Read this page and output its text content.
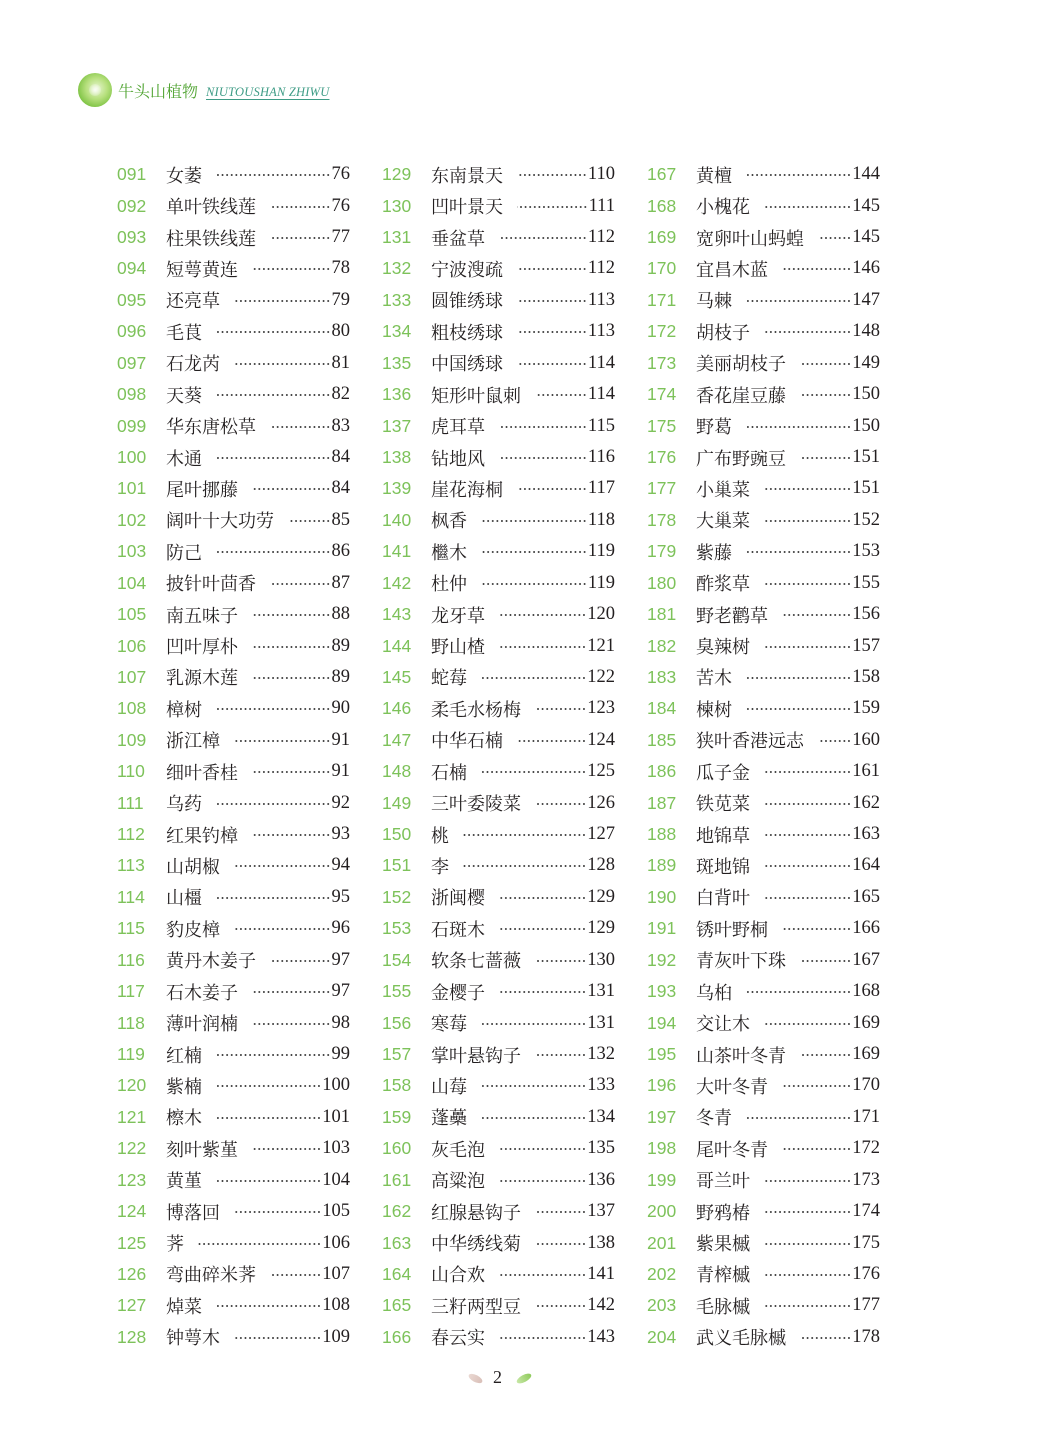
牛头山植物 NIUTOUSHAN ZHIWU
091	女萎	76
092	单叶铁线莲	76
093	柱果铁线莲	77
094	短萼黄连	78
095	还亮草	79
096	毛茛	80
097	石龙芮	81
098	天葵	82
099	华东唐松草	83
100	木通	84
101	尾叶挪藤	84
102	阔叶十大功劳	85
103	防己	86
104	披针叶茴香	87
105	南五味子	88
106	凹叶厚朴	89
107	乳源木莲	89
108	樟树	90
109	浙江樟	91
110	细叶香桂	91
111	乌药	92
112	红果钓樟	93
113	山胡椒	94
114	山橿	95
115	豹皮樟	96
116	黄丹木姜子	97
117	石木姜子	97
118	薄叶润楠	98
119	红楠	99
120	紫楠	100
121	檫木	101
122	刻叶紫堇	103
123	黄堇	104
124	博落回	105
125	荠	106
126	弯曲碎米荠	107
127	焯菜	108
128	钟萼木	109
129	东南景天	110
130	凹叶景天	111
131	垂盆草	112
132	宁波溲疏	112
133	圆锥绣球	113
134	粗枝绣球	113
135	中国绣球	114
136	矩形叶鼠刺	114
137	虎耳草	115
138	钻地风	116
139	崖花海桐	117
140	枫香	118
141	檵木	119
142	杜仲	119
143	龙牙草	120
144	野山楂	121
145	蛇莓	122
146	柔毛水杨梅	123
147	中华石楠	124
148	石楠	125
149	三叶委陵菜	126
150	桃	127
151	李	128
152	浙闽樱	129
153	石斑木	129
154	软条七蔷薇	130
155	金樱子	131
156	寒莓	131
157	掌叶悬钩子	132
158	山莓	133
159	蓬蘽	134
160	灰毛泡	135
161	高粱泡	136
162	红腺悬钩子	137
163	中华绣线菊	138
164	山合欢	141
165	三籽两型豆	142
166	春云实	143
167	黄檀	144
168	小槐花	145
169	宽卵叶山蚂蝗	145
170	宜昌木蓝	146
171	马棘	147
172	胡枝子	148
173	美丽胡枝子	149
174	香花崖豆藤	150
175	野葛	150
176	广布野豌豆	151
177	小巢菜	151
178	大巢菜	152
179	紫藤	153
180	酢浆草	155
181	野老鹳草	156
182	臭辣树	157
183	苦木	158
184	楝树	159
185	狭叶香港远志	160
186	瓜子金	161
187	铁苋菜	162
188	地锦草	163
189	斑地锦	164
190	白背叶	165
191	锈叶野桐	166
192	青灰叶下珠	167
193	乌桕	168
194	交让木	169
195	山茶叶冬青	169
196	大叶冬青	170
197	冬青	171
198	尾叶冬青	172
199	哥兰叶	173
200	野鸦椿	174
201	紫果槭	175
202	青榨槭	176
203	毛脉槭	177
204	武义毛脉槭	178
2
